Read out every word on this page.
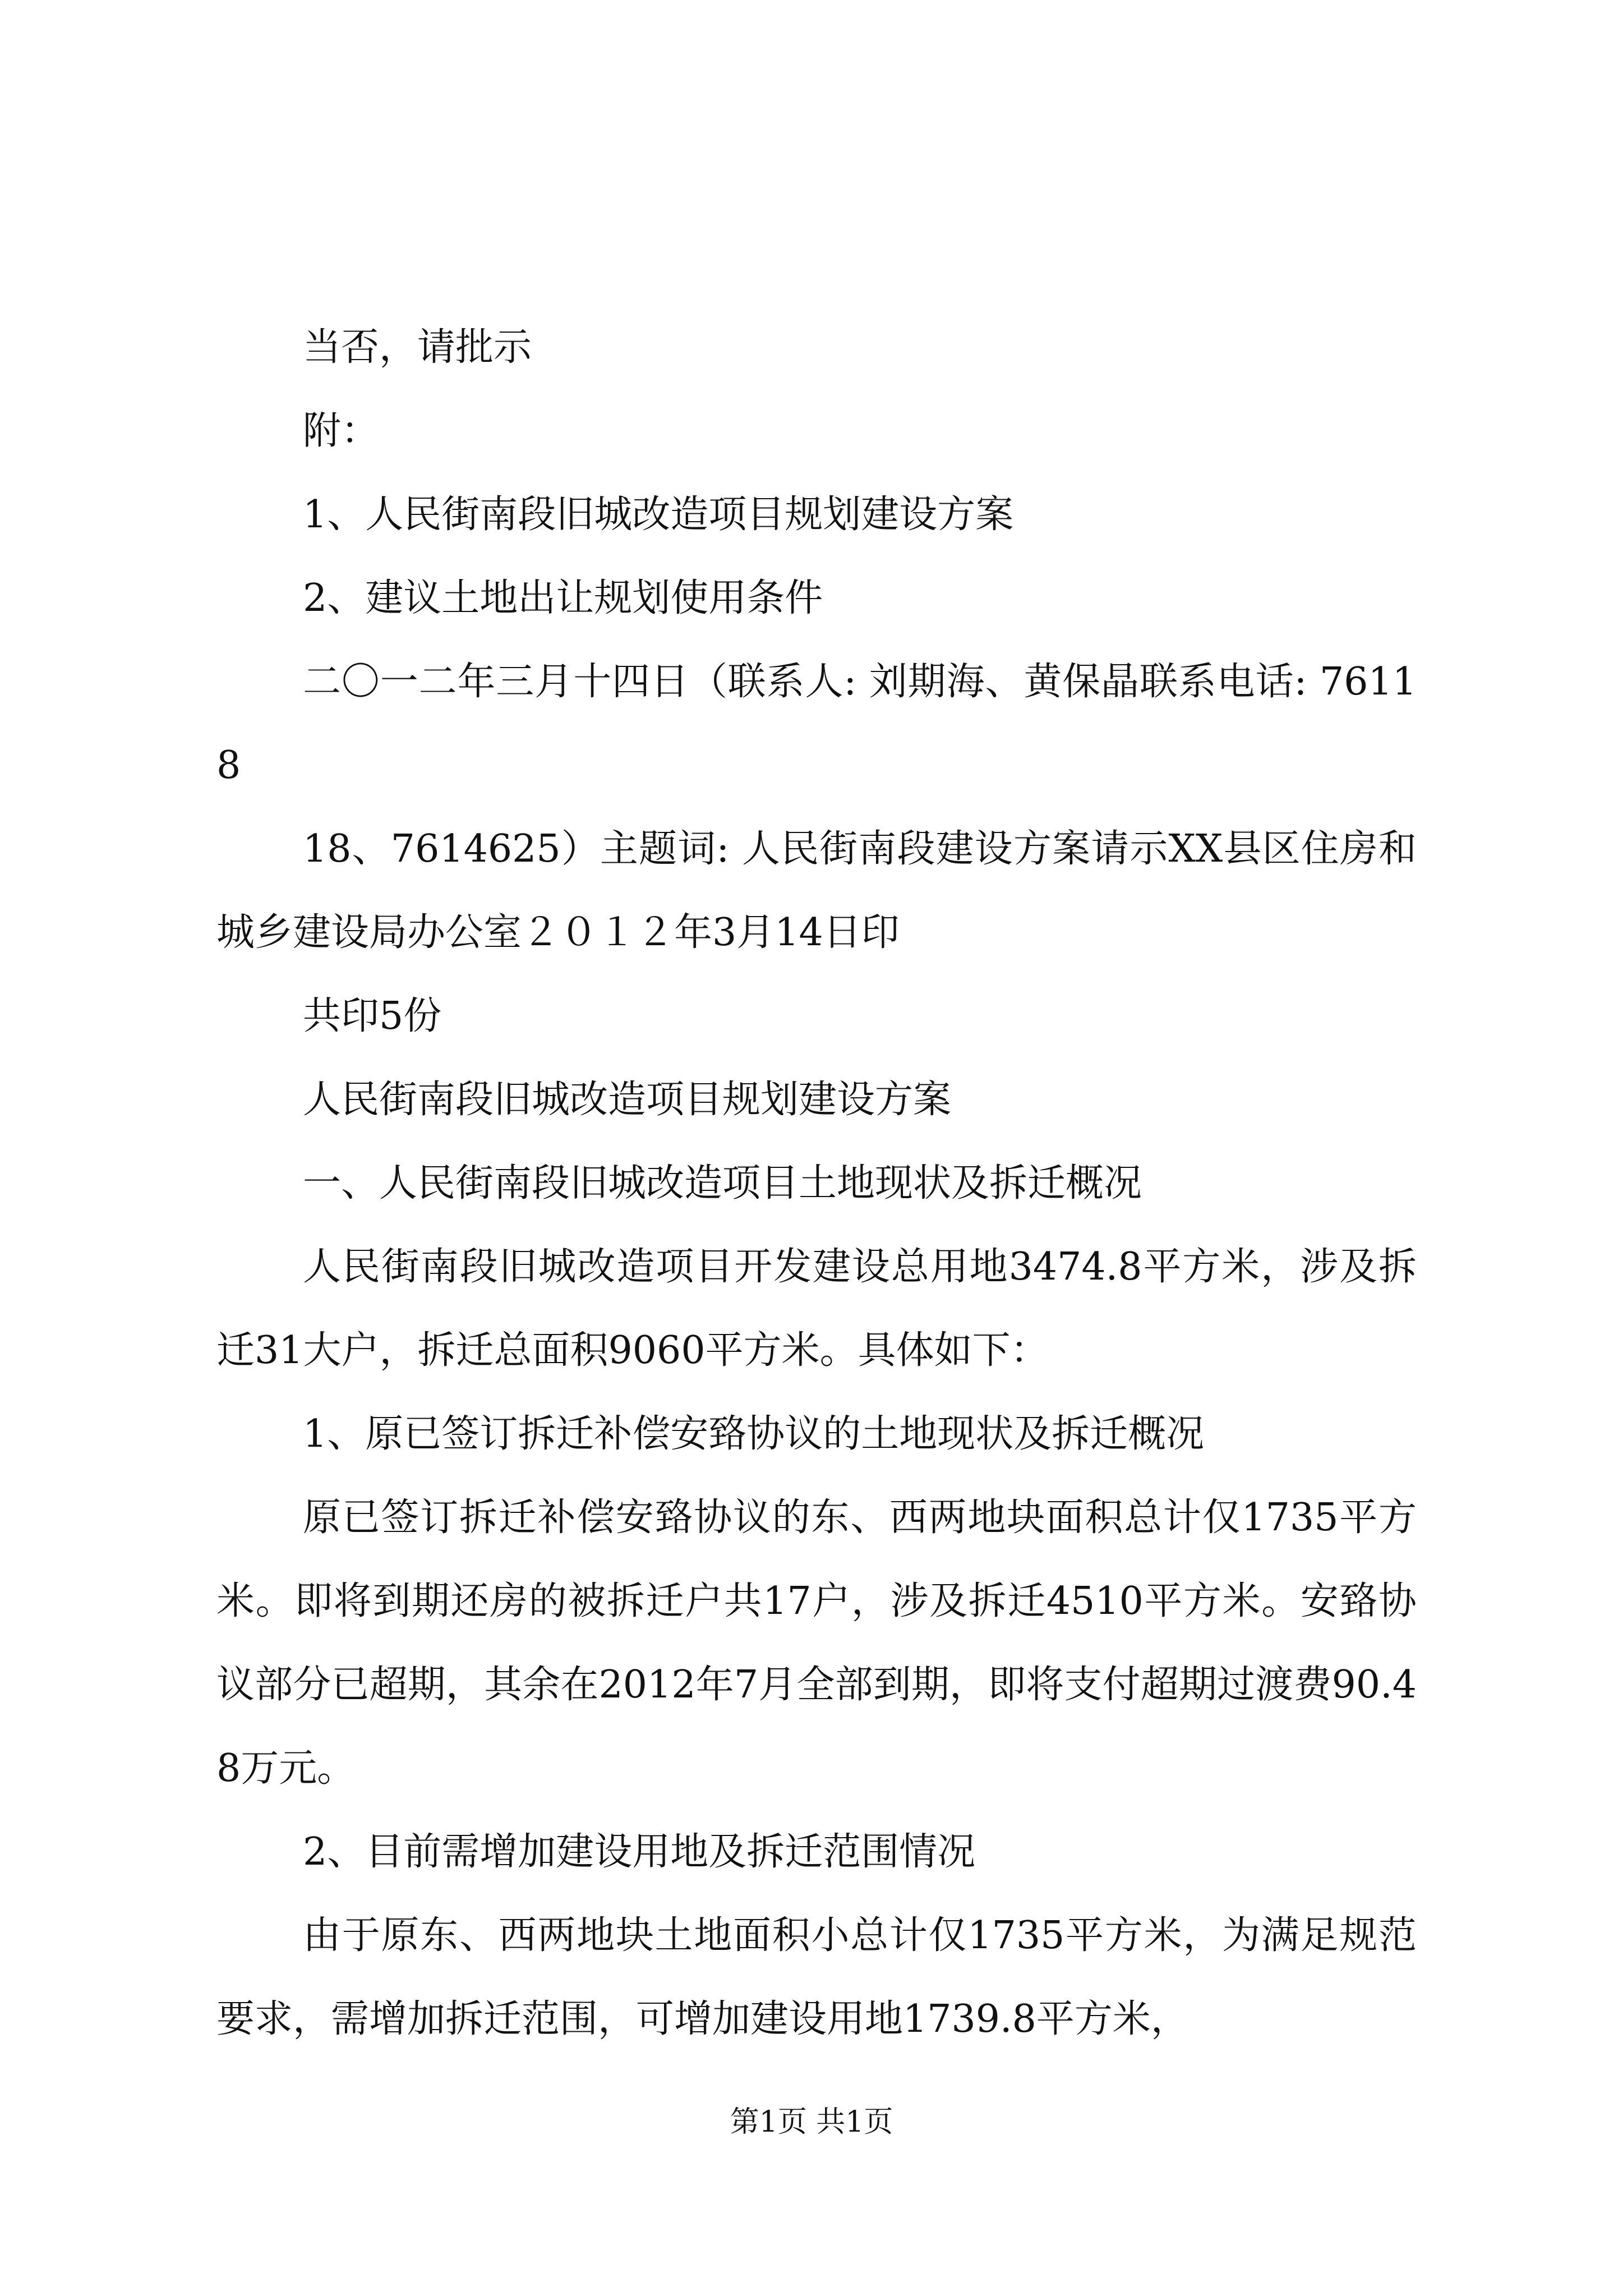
当否，请批示

附：

1、人民街南段旧城改造项目规划建设方案

2、建议土地出让规划使用条件

二〇一二年三月十四日（联系人: 刘期海、黄保晶联系电话: 76118

18、7614625）主题词: 人民街南段建设方案请示XX县区住房和城乡建设局办公室２０１２年3月14日印

共印5份

人民街南段旧城改造项目规划建设方案

一、人民街南段旧城改造项目土地现状及拆迁概况

人民街南段旧城改造项目开发建设总用地3474.8平方米，涉及拆迁31大户，拆迁总面积9060平方米。具体如下：

1、原已签订拆迁补偿安臵协议的土地现状及拆迁概况

原已签订拆迁补偿安臵协议的东、西两地块面积总计仅1735平方米。即将到期还房的被拆迁户共17户，涉及拆迁4510平方米。安臵协议部分已超期，其余在2012年7月全部到期，即将支付超期过渡费90.48万元。

2、目前需增加建设用地及拆迁范围情况

由于原东、西两地块土地面积小总计仅1735平方米，为满足规范要求，需增加拆迁范围，可增加建设用地1739.8平方米，

第1页 共1页
